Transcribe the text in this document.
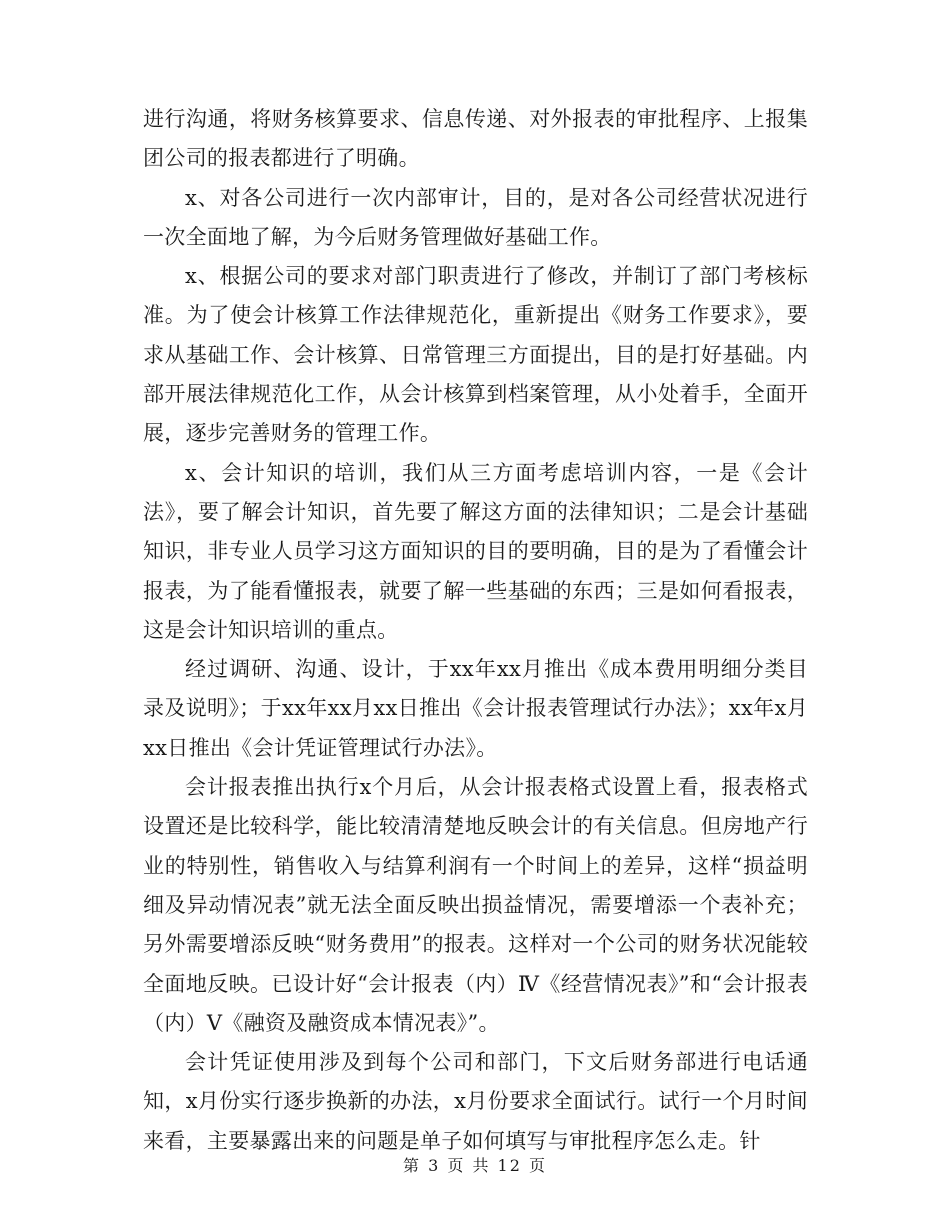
进行沟通，将财务核算要求、信息传递、对外报表的审批程序、上报集团公司的报表都进行了明确。

x、对各公司进行一次内部审计，目的，是对各公司经营状况进行一次全面地了解，为今后财务管理做好基础工作。

x、根据公司的要求对部门职责进行了修改，并制订了部门考核标准。为了使会计核算工作法律规范化，重新提出《财务工作要求》，要求从基础工作、会计核算、日常管理三方面提出，目的是打好基础。内部开展法律规范化工作，从会计核算到档案管理，从小处着手，全面开展，逐步完善财务的管理工作。

x、会计知识的培训，我们从三方面考虑培训内容，一是《会计法》，要了解会计知识，首先要了解这方面的法律知识；二是会计基础知识，非专业人员学习这方面知识的目的要明确，目的是为了看懂会计报表，为了能看懂报表，就要了解一些基础的东西；三是如何看报表，这是会计知识培训的重点。

经过调研、沟通、设计，于xx年xx月推出《成本费用明细分类目录及说明》；于xx年xx月xx日推出《会计报表管理试行办法》；xx年x月xx日推出《会计凭证管理试行办法》。

会计报表推出执行x个月后，从会计报表格式设置上看，报表格式设置还是比较科学，能比较清清楚地反映会计的有关信息。但房地产行业的特别性，销售收入与结算利润有一个时间上的差异，这样“损益明细及异动情况表”就无法全面反映出损益情况，需要增添一个表补充；另外需要增添反映“财务费用”的报表。这样对一个公司的财务状况能较全面地反映。已设计好“会计报表（内）Ⅳ《经营情况表》”和“会计报表（内）Ⅴ《融资及融资成本情况表》”。

会计凭证使用涉及到每个公司和部门，下文后财务部进行电话通知，x月份实行逐步换新的办法，x月份要求全面试行。试行一个月时间来看，主要暴露出来的问题是单子如何填写与审批程序怎么走。针

第 3 页 共 12 页
